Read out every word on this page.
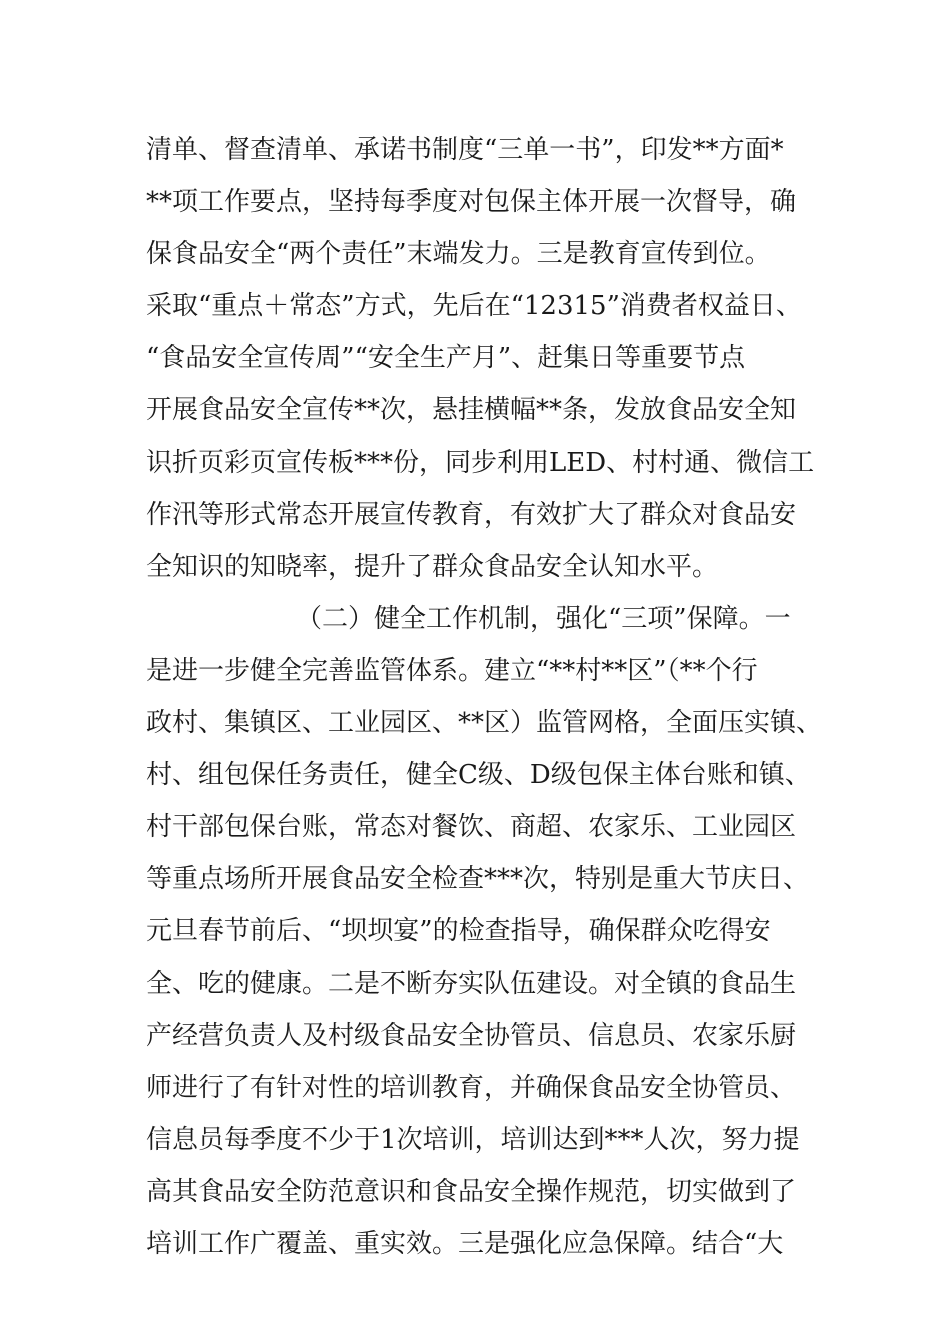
清单、督查清单、承诺书制度“三单一书”，印发**方面*
**项工作要点，坚持每季度对包保主体开展一次督导，确
保食品安全“两个责任”末端发力。三是教育宣传到位。
采取“重点＋常态”方式，先后在“12315”消费者权益日、
“食品安全宣传周”“安全生产月”、赶集日等重要节点
开展食品安全宣传**次，悬挂横幅**条，发放食品安全知
识折页彩页宣传板***份，同步利用LED、村村通、微信工
作汛等形式常态开展宣传教育，有效扩大了群众对食品安
全知识的知晓率，提升了群众食品安全认知水平。
（二）健全工作机制，强化“三项”保障。一
是进一步健全完善监管体系。建立“**村**区”（**个行
政村、集镇区、工业园区、**区）监管网格，全面压实镇、
村、组包保任务责任，健全C级、D级包保主体台账和镇、
村干部包保台账，常态对餐饮、商超、农家乐、工业园区
等重点场所开展食品安全检查***次，特别是重大节庆日、
元旦春节前后、“坝坝宴”的检查指导，确保群众吃得安
全、吃的健康。二是不断夯实队伍建设。对全镇的食品生
产经营负责人及村级食品安全协管员、信息员、农家乐厨
师进行了有针对性的培训教育，并确保食品安全协管员、
信息员每季度不少于1次培训，培训达到***人次，努力提
高其食品安全防范意识和食品安全操作规范，切实做到了
培训工作广覆盖、重实效。三是强化应急保障。结合“大
